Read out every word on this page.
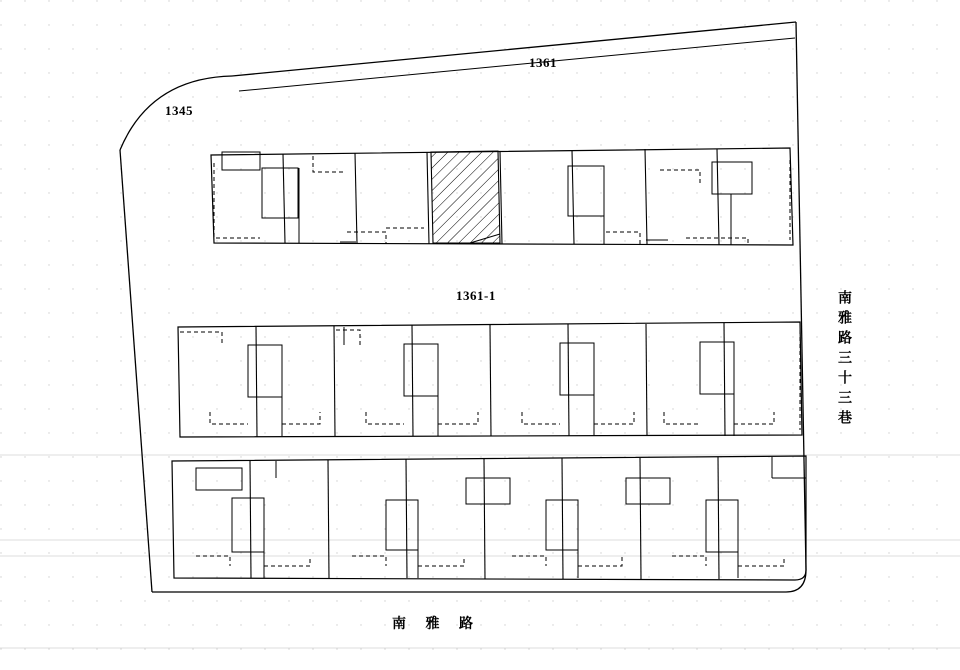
1361
1345
1361-1
南 雅 路
南雅路三十三巷
